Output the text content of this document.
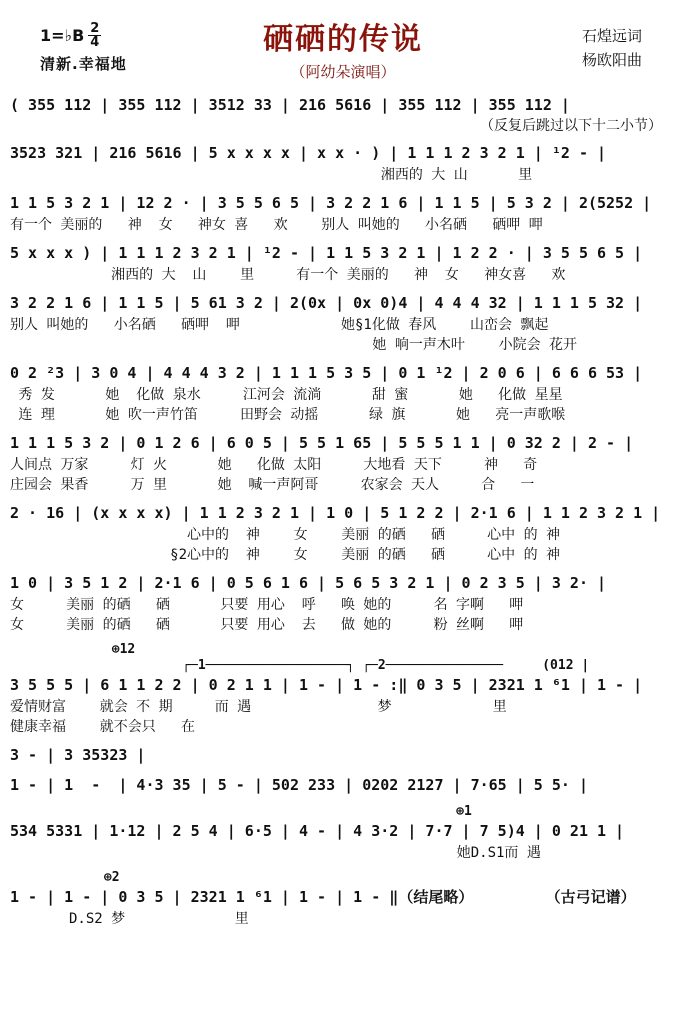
1=♭B 2
4
清新.幸福地
硒硒的传说
（阿幼朵演唱）
石煌远词
杨欧阳曲
( 355 112 | 355 112 | 3512 33 | 216 5616 | 355 112 | 355 112 |
（反复后跳过以下十二小节）
3523 321 | 216 5616 | 5 x x x x | x x · ) | 1 1 1 2 3 2 1 | ¹2 - |
湘西的 大 山      里
1 1 5 3 2 1 | 12 2 · | 3 5 5 6 5 | 3 2 2 1 6 | 1 1 5 | 5 3 2 | 2(5252 |
有一个 美丽的   神  女   神女 喜   欢    别人 叫她的   小名硒   硒呷 呷
5 x x x ) | 1 1 1 2 3 2 1 | ¹2 - | 1 1 5 3 2 1 | 1 2 2 · | 3 5 5 6 5 |
湘西的 大  山    里     有一个 美丽的   神  女   神女喜   欢
3 2 2 1 6 | 1 1 5 | 5 61 3 2 | 2(0x | 0x 0)4 | 4 4 4 32 | 1 1 1 5 32 |
别人 叫她的   小名硒   硒呷  呷            她§1化做 春风    山峦会 飘起
她 响一声木叶    小院会 花开
0 2 ²3 | 3 0 4 | 4 4 4 3 2 | 1 1 1 5 3 5 | 0 1 ¹2 | 2 0 6 | 6 6 6 53 |
秀 发      她  化做 泉水     江河会 流淌      甜 蜜      她   化做 星星
连 理      她 吹一声竹笛     田野会 动摇      绿 旗      她   亮一声歌喉
1 1 1 5 3 2 | 0 1 2 6 | 6 0 5 | 5 5 1 65 | 5 5 5 1 1 | 0 32 2 | 2 - |
人间点 万家     灯 火      她   化做 太阳     大地看 天下     神   奇
庄园会 果香     万 里      她  喊一声阿哥     农家会 天人     合   一
2 · 16 | (x x x x) | 1 1 2 3 2 1 | 1 0 | 5 1 2 2 | 2·1 6 | 1 1 2 3 2 1 |
心中的  神    女    美丽 的硒   硒     心中 的 神
§2心中的  神    女    美丽 的硒   硒     心中 的 神
1 0 | 3 5 1 2 | 2·1 6 | 0 5 6 1 6 | 5 6 5 3 2 1 | 0 2 3 5 | 3 2· |
女     美丽 的硒   硒      只要 用心  呼   唤 她的     名 字啊   呷
女     美丽 的硒   硒      只要 用心  去   做 她的     粉 丝啊   呷
⊕12
┌─1──────────────────┐ ┌─2───────────────     (012 |
3 5 5 5 | 6 1 1 2 2 | 0 2 1 1 | 1 - | 1 - :‖ 0 3 5 | 2321 1 ⁶1 | 1 - |
爱情财富    就会 不 期     而 遇               梦            里
健康幸福    就不会只   在
3 - | 3 35323 |
1 - | 1  -  | 4·3 35 | 5 - | 502 233 | 0202 2127 | 7·65 | 5 5· |
⊕1
534 5331 | 1·12 | 2 5 4 | 6·5 | 4 - | 4 3·2 | 7·7 | 7 5)4 | 0 21 1 |
她D.S1而 遇
⊕2
1 - | 1 - | 0 3 5 | 2321 1 ⁶1 | 1 - | 1 - ‖（结尾略）        （古弓记谱）
D.S2 梦             里
